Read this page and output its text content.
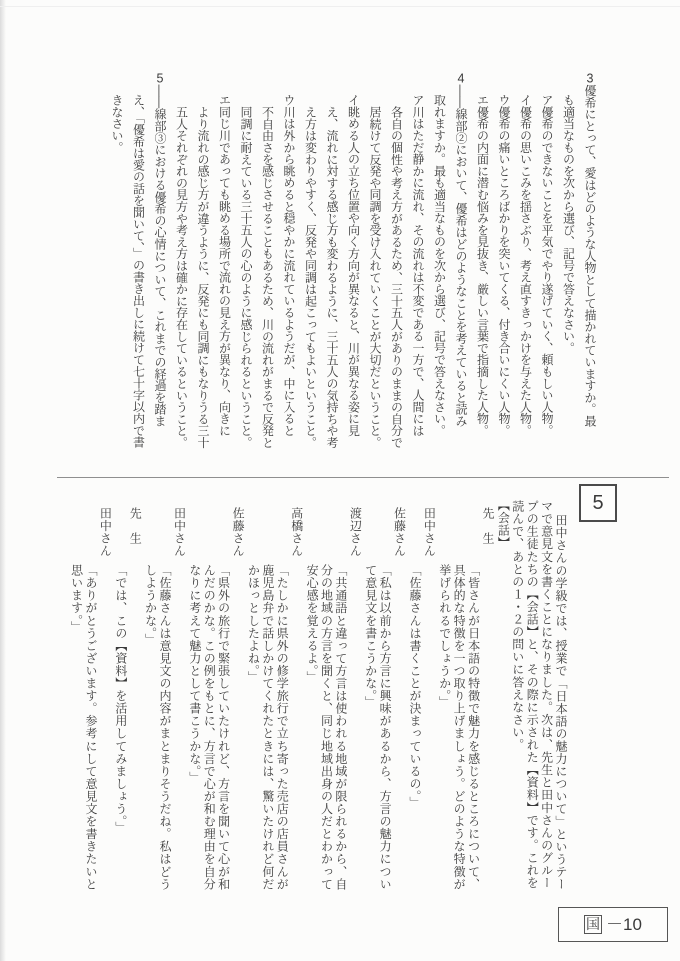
3優希にとって、愛はどのような人物として描かれていますか。最

も適当なものを次から選び、記号で答えなさい。

ア優希のできないことを平気でやり遂げていく、頼もしい人物。

イ優希の思いこみを揺さぶり、考え直すきっかけを与えた人物。

ウ優希の痛いところばかりを突いてくる、付き合いにくい人物。

エ優希の内面に潜む悩みを見抜き、厳しい言葉で指摘した人物。

4――線部②において、優希はどのようなことを考えていると読み

取れますか。最も適当なものを次から選び、記号で答えなさい。

ア川はただ静かに流れ、その流れは不変である一方で、人間には

各自の個性や考え方があるため、三十五人がありのままの自分で

居続けて反発や同調を受け入れていくことが大切だということ。

イ眺める人の立ち位置や向く方向が異なると、川が異なる姿に見

え、流れに対する感じ方も変わるように、三十五人の気持ちや考

え方は変わりやすく、反発や同調は起こってもよいということ。

ウ川は外から眺めると穏やかに流れているようだが、中に入ると

不自由さを感じさせることもあるため、川の流れがまるで反発と

同調に耐えている三十五人の心のように感じられるということ。

エ同じ川であっても眺める場所で流れの見え方が異なり、向きに

より流れの感じ方が違うように、反発にも同調にもなりうる三十

五人それぞれの見方や考え方は確かに存在しているということ。

5――線部③における優希の心情について、これまでの経過を踏ま

え、「優希は愛の話を聞いて、」の書き出しに続けて七十字以内で書

きなさい。

5

田中さんの学級では、授業で「日本語の魅力について」というテー

マで意見文を書くことになりました。次は、先生と田中さんのグルー

プの生徒たちの【会話】と、その際に示された【資料】です。これを

読んで、あとの１・２の問いに答えなさい。

【会話】

先　生

「皆さんが日本語の特徴で魅力を感じるところについて、

具体的な特徴を一つ取り上げましょう。どのような特徴が

挙げられるでしょうか。」

田中さん

「佐藤さんは書くことが決まっているの。」

佐藤さん

「私は以前から方言に興味があるから、方言の魅力につい

て意見文を書こうかな。」

渡辺さん

「共通語と違って方言は使われる地域が限られるから、自

分の地域の方言を聞くと、同じ地域出身の人だとわかって

安心感を覚えるよ。」

高橋さん

「たしかに県外の修学旅行で立ち寄った売店の店員さんが

鹿児島弁で話しかけてくれたときには、驚いたけれど何だ

かほっとしたよね。」

佐藤さん

「県外の旅行で緊張していたけれど、方言を聞いて心が和

んだのかな。この例をもとに、方言で心が和む理由を自分

なりに考えて魅力として書こうかな。」

田中さん

「佐藤さんは意見文の内容がまとまりそうだね。私はどう

しようかな。」

先　生

「では、この【資料】を活用してみましょう。」

田中さん

「ありがとうございます。参考にして意見文を書きたいと

思います。」

国 －10
